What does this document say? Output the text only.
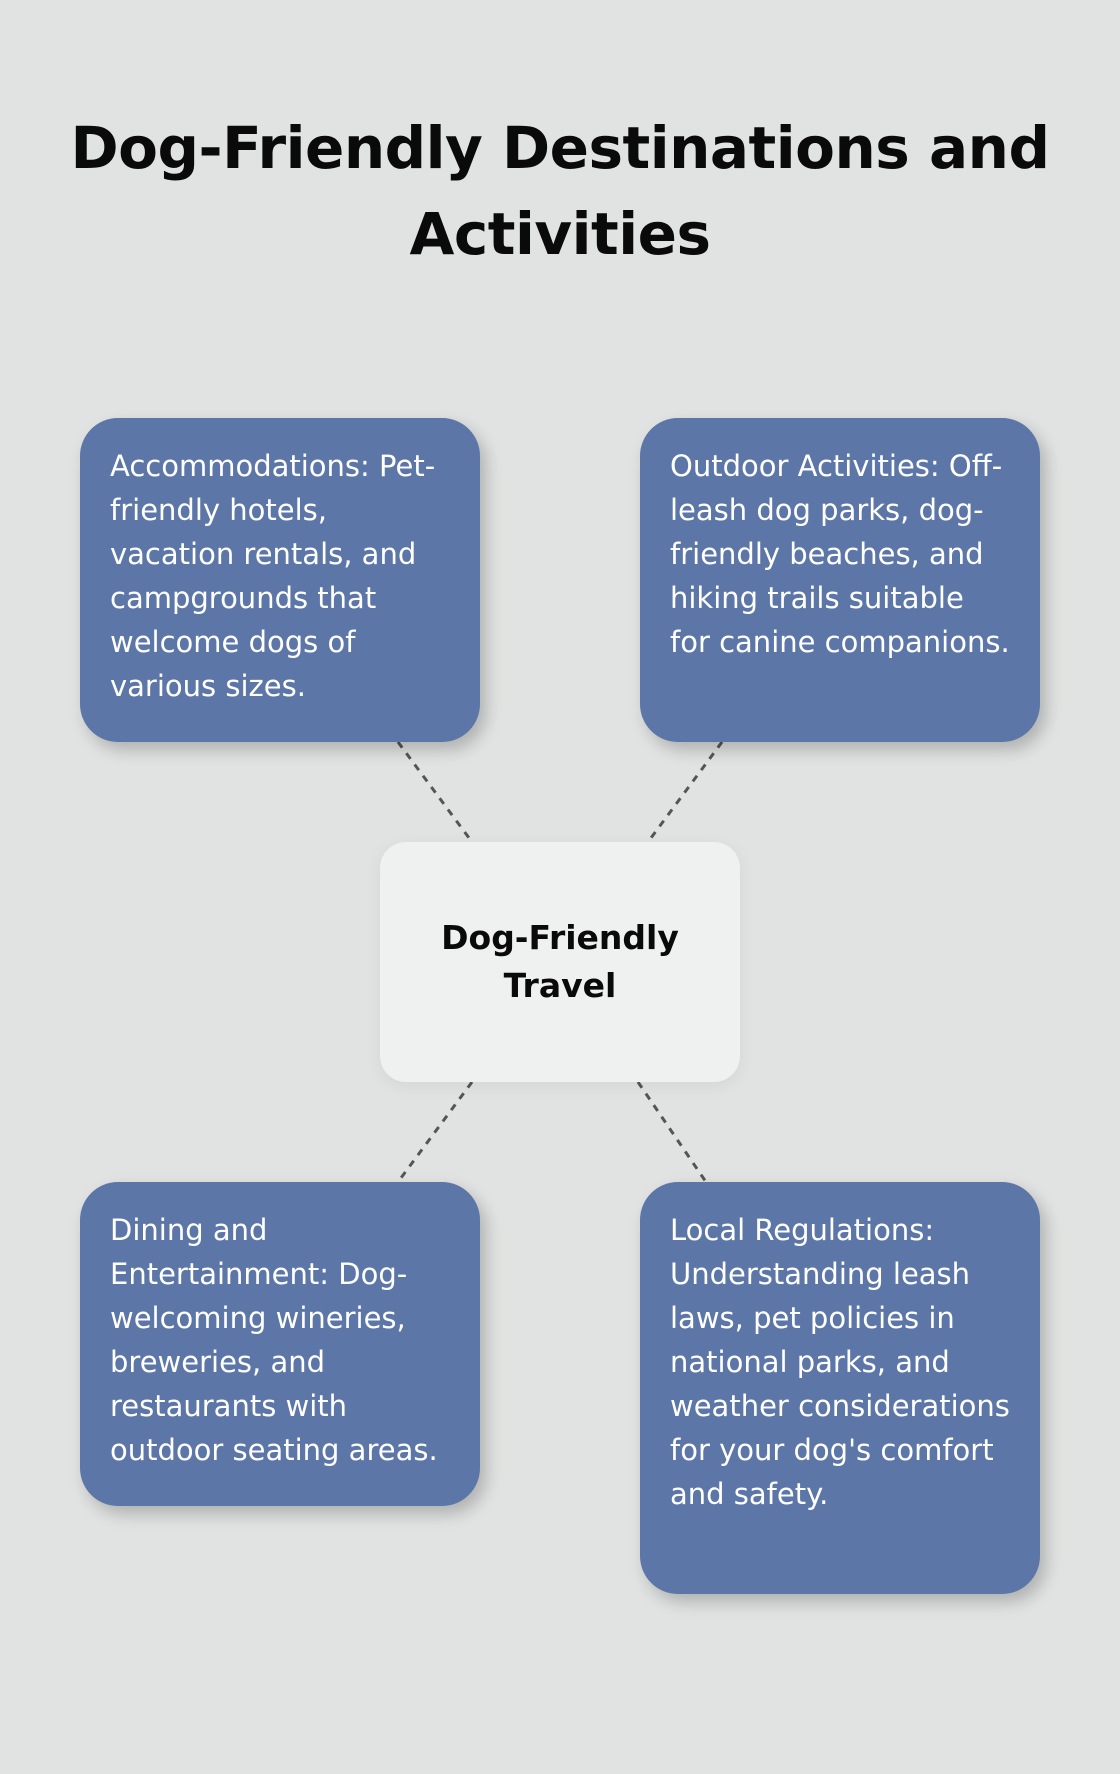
Dog-Friendly Destinations and Activities
Accommodations: Pet-friendly hotels, vacation rentals, and campgrounds that welcome dogs of various sizes.
Outdoor Activities: Off-leash dog parks, dog-friendly beaches, and hiking trails suitable for canine companions.
Dog-Friendly Travel
Dining and Entertainment: Dog-welcoming wineries, breweries, and restaurants with outdoor seating areas.
Local Regulations: Understanding leash laws, pet policies in national parks, and weather considerations for your dog's comfort and safety.
